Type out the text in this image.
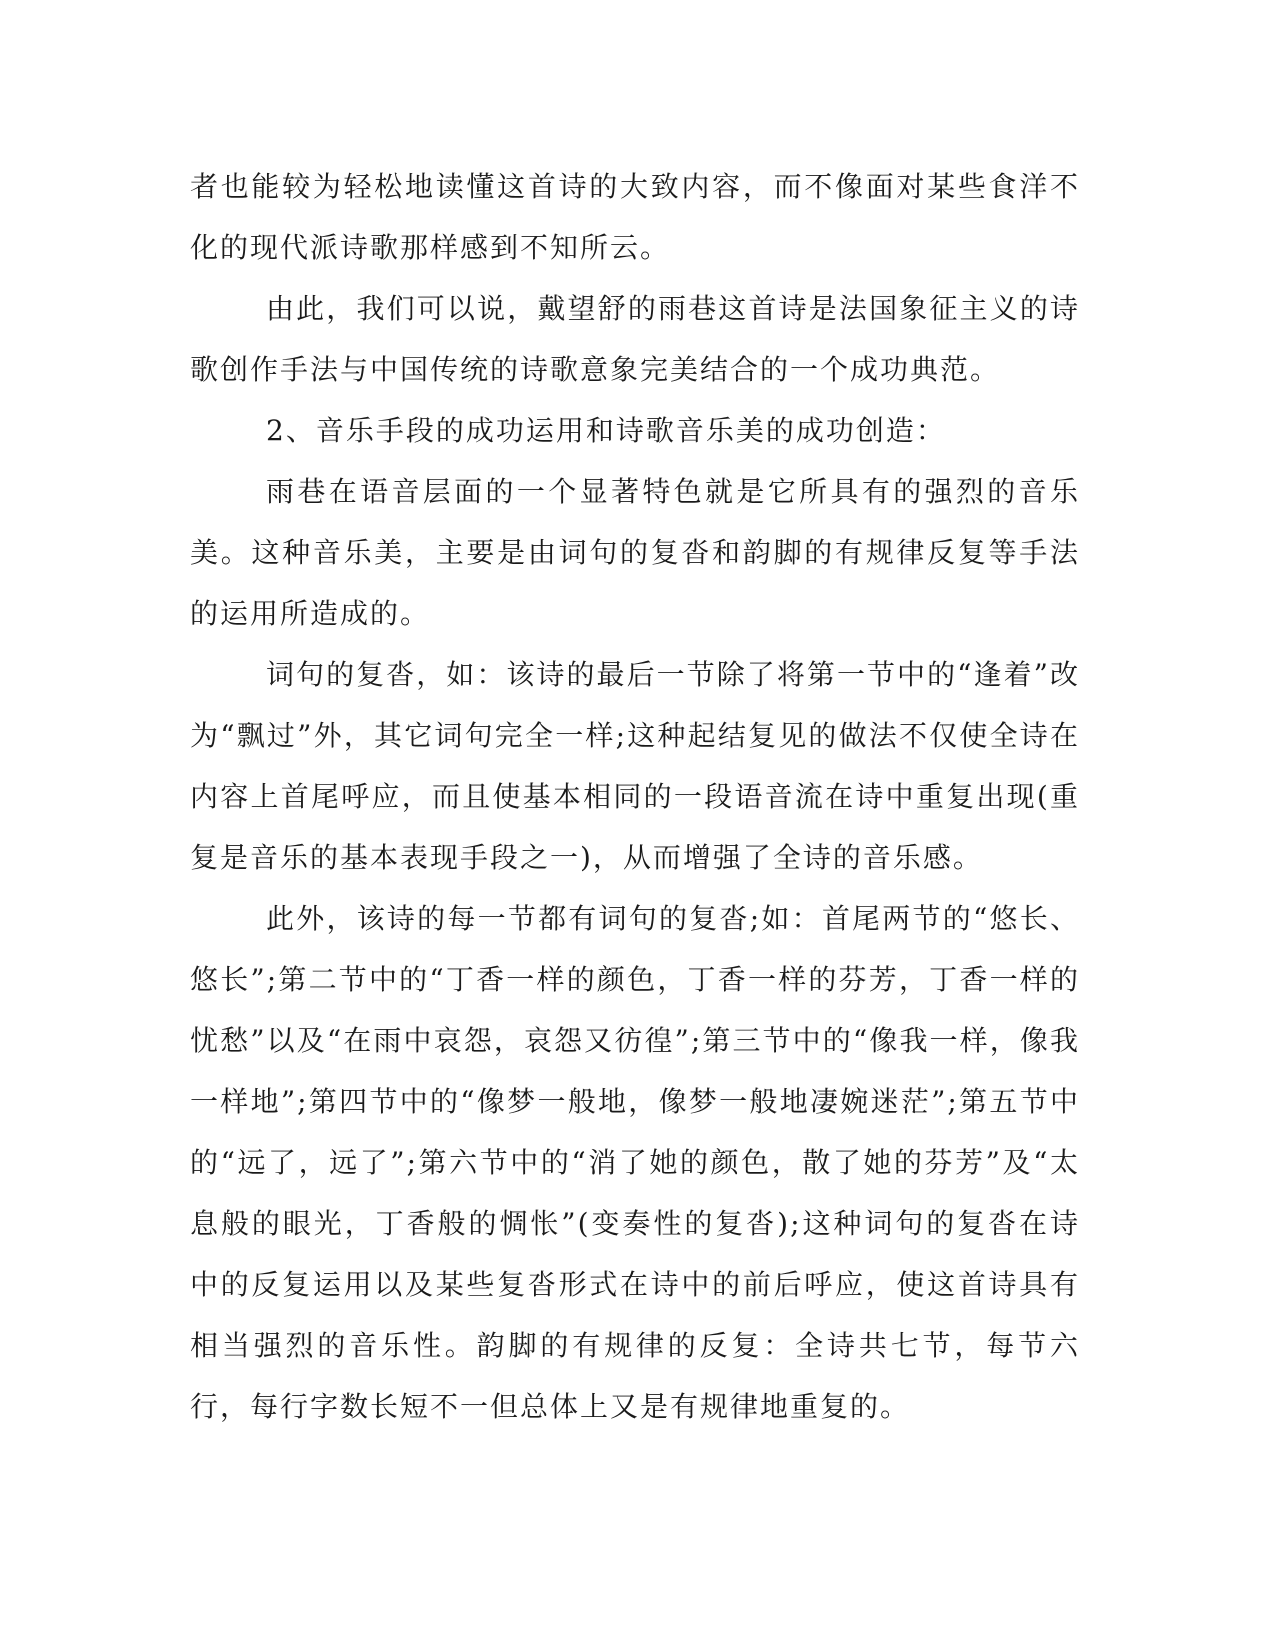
者也能较为轻松地读懂这首诗的大致内容，而不像面对某些食洋不化的现代派诗歌那样感到不知所云。

由此，我们可以说，戴望舒的雨巷这首诗是法国象征主义的诗歌创作手法与中国传统的诗歌意象完美结合的一个成功典范。

2、音乐手段的成功运用和诗歌音乐美的成功创造：

雨巷在语音层面的一个显著特色就是它所具有的强烈的音乐美。这种音乐美，主要是由词句的复沓和韵脚的有规律反复等手法的运用所造成的。

词句的复沓，如：该诗的最后一节除了将第一节中的“逢着”改为“飘过”外，其它词句完全一样;这种起结复见的做法不仅使全诗在内容上首尾呼应，而且使基本相同的一段语音流在诗中重复出现(重复是音乐的基本表现手段之一)，从而增强了全诗的音乐感。

此外，该诗的每一节都有词句的复沓;如：首尾两节的“悠长、悠长”;第二节中的“丁香一样的颜色，丁香一样的芬芳，丁香一样的忧愁”以及“在雨中哀怨，哀怨又彷徨”;第三节中的“像我一样，像我一样地”;第四节中的“像梦一般地，像梦一般地凄婉迷茫”;第五节中的“远了，远了”;第六节中的“消了她的颜色，散了她的芬芳”及“太息般的眼光，丁香般的惆怅”(变奏性的复沓);这种词句的复沓在诗中的反复运用以及某些复沓形式在诗中的前后呼应，使这首诗具有相当强烈的音乐性。韵脚的有规律的反复：全诗共七节，每节六行，每行字数长短不一但总体上又是有规律地重复的。
